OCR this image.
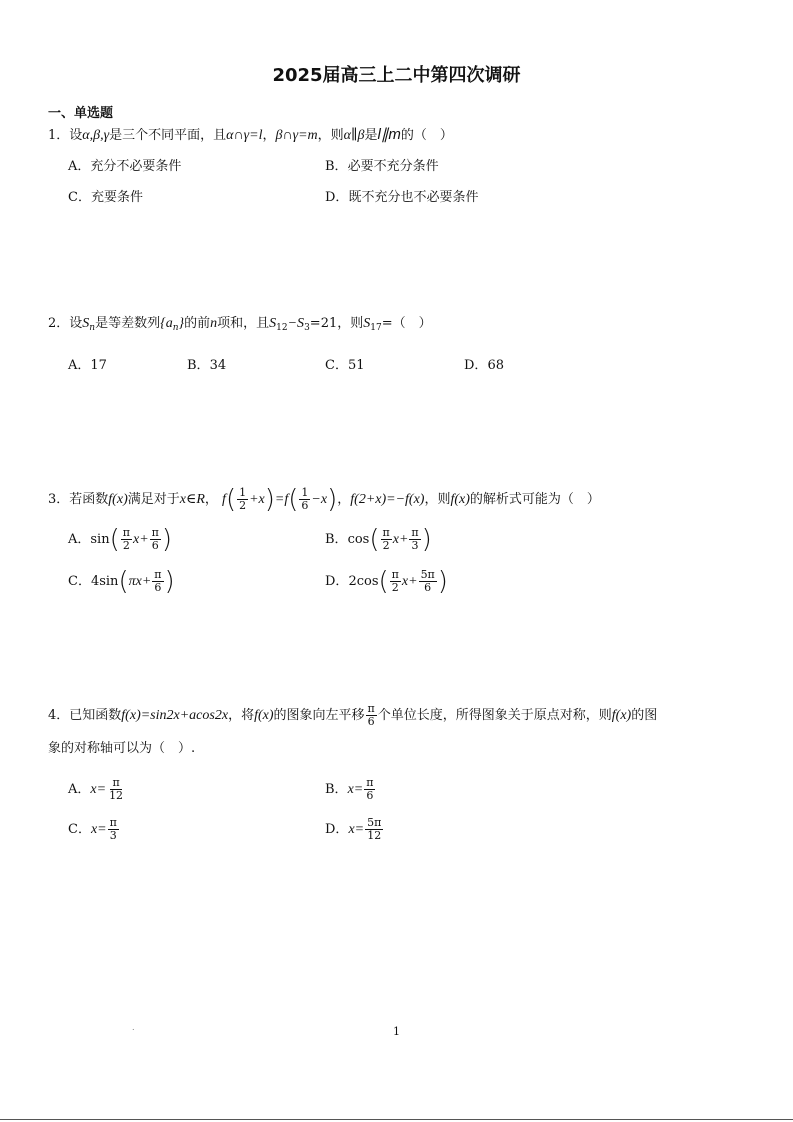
2025届高三上二中第四次调研
一、单选题
1．设α,β,γ是三个不同平面，且α∩γ=l，β∩γ=m，则α∥β是l∥m的（　）
A．充分不必要条件	B．必要不充分条件
C．充要条件	D．既不充分也不必要条件
2．设$S_n$是等差数列$\{a_n\}$的前n项和，且$S_{12}-S_3=21$，则$S_{17}=$（　）
A．17	B．34	C．51	D．68
3．若函数f(x)满足对于x∈R， $f( \frac{1}{2} +x)=f( \frac{1}{6} -x)$，f(2+x)=−f(x)，则f(x)的解析式可能为（　）
A．$\sin( \frac{\pi}{2} x+ \frac{\pi}{6}$ )	B．$\cos( \frac{\pi}{2} x+ \frac{\pi}{3}$ )
C．$4\sin(\pi x+ \frac{\pi}{6}$ )	D．$2\cos( \frac{\pi}{2} x+ \frac{5\pi}{6}$ )
4．已知函数f(x)=sin2x+acos2x，将f(x)的图象向左平移 $\frac{\pi}{6}$ 个单位长度，所得图象关于原点对称，则f(x)的图
象的对称轴可以为（　）.
A．$x= \frac{\pi}{12}$	B．$x= \frac{\pi}{6}$
C．$x= \frac{\pi}{3}$	D．$x= \frac{5\pi}{12}$
.	1
